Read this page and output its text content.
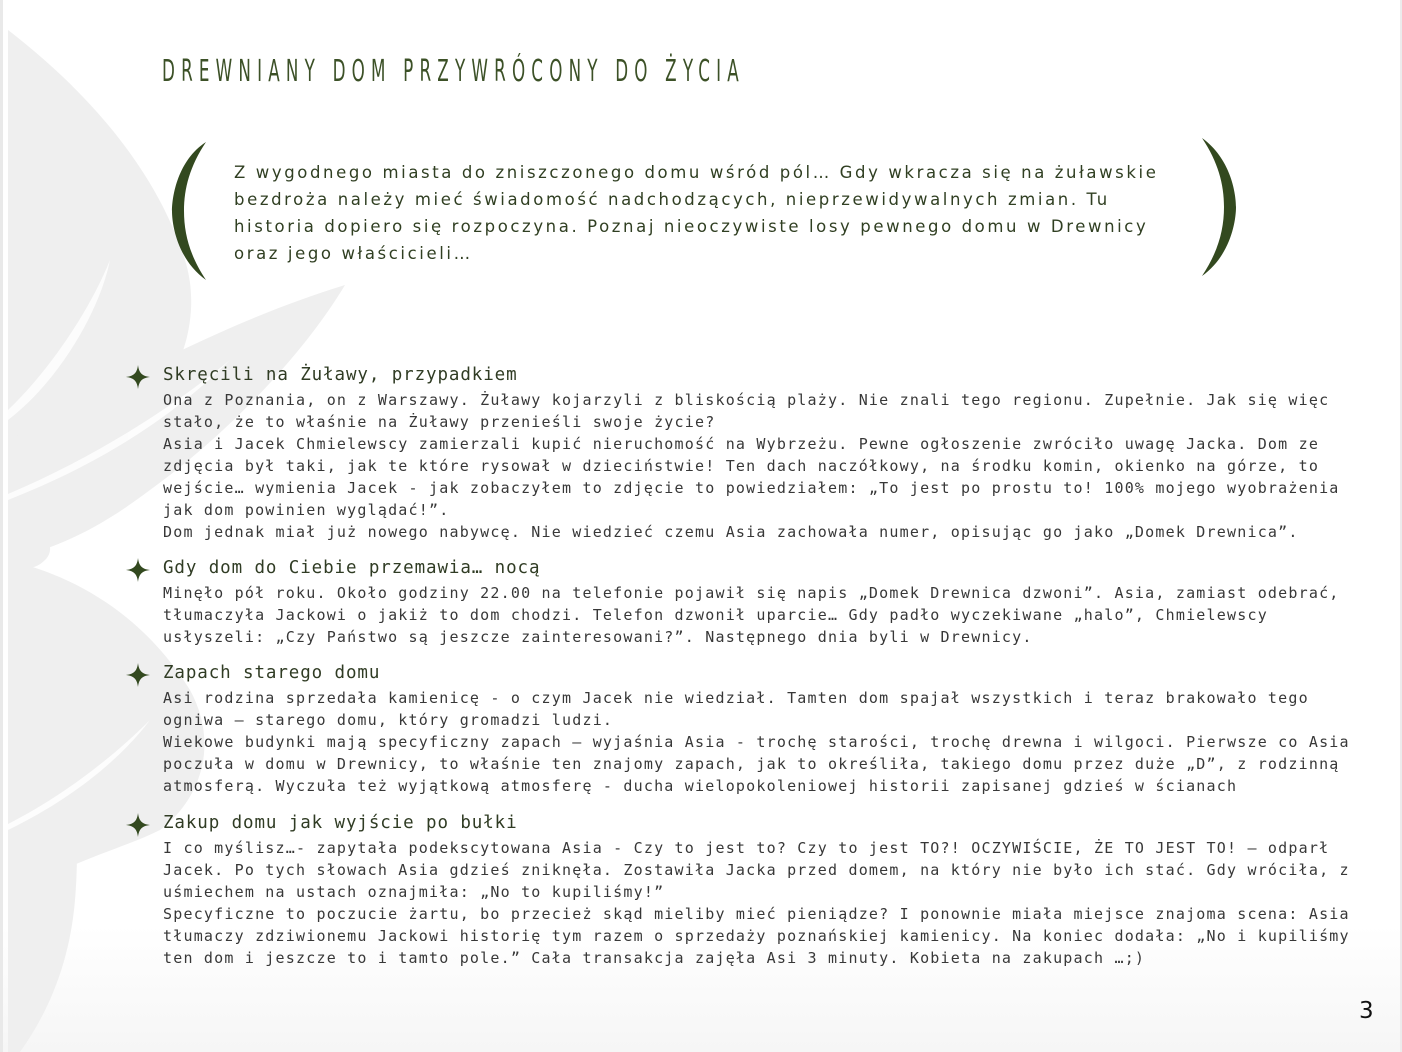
DREWNIANY DOM PRZYWRÓCONY DO ŻYCIA

Z wygodnego miasta do zniszczonego domu wśród pól… Gdy wkracza się na żuławskie bezdroża należy mieć świadomość nadchodzących, nieprzewidywalnych zmian. Tu historia dopiero się rozpoczyna. Poznaj nieoczywiste losy pewnego domu w Drewnicy oraz jego właścicieli…

Skręcili na Żuławy, przypadkiem

Ona z Poznania, on z Warszawy. Żuławy kojarzyli z bliskością plaży. Nie znali tego regionu. Zupełnie. Jak się więc stało, że to właśnie na Żuławy przenieśli swoje życie?

Asia i Jacek Chmielewscy zamierzali kupić nieruchomość na Wybrzeżu. Pewne ogłoszenie zwróciło uwagę Jacka. Dom ze zdjęcia był taki, jak te które rysował w dzieciństwie! Ten dach naczółkowy, na środku komin, okienko na górze, to wejście… wymienia Jacek - jak zobaczyłem to zdjęcie to powiedziałem: „To jest po prostu to! 100% mojego wyobrażenia jak dom powinien wyglądać!”.

Dom jednak miał już nowego nabywcę. Nie wiedzieć czemu Asia zachowała numer, opisując go jako „Domek Drewnica”.

Gdy dom do Ciebie przemawia… nocą

Minęło pół roku. Około godziny 22.00 na telefonie pojawił się napis „Domek Drewnica dzwoni”. Asia, zamiast odebrać, tłumaczyła Jackowi o jakiż to dom chodzi. Telefon dzwonił uparcie… Gdy padło wyczekiwane „halo”, Chmielewscy usłyszeli: „Czy Państwo są jeszcze zainteresowani?”. Następnego dnia byli w Drewnicy.

Zapach starego domu

Asi rodzina sprzedała kamienicę - o czym Jacek nie wiedział. Tamten dom spajał wszystkich i teraz brakowało tego ogniwa – starego domu, który gromadzi ludzi.

Wiekowe budynki mają specyficzny zapach – wyjaśnia Asia - trochę starości, trochę drewna i wilgoci. Pierwsze co Asia poczuła w domu w Drewnicy, to właśnie ten znajomy zapach, jak to określiła, takiego domu przez duże „D”, z rodzinną atmosferą. Wyczuła też wyjątkową atmosferę - ducha wielopokoleniowej historii zapisanej gdzieś w ścianach

Zakup domu jak wyjście po bułki

I co myślisz…- zapytała podekscytowana Asia - Czy to jest to? Czy to jest TO?! OCZYWIŚCIE, ŻE TO JEST TO! – odparł Jacek. Po tych słowach Asia gdzieś zniknęła. Zostawiła Jacka przed domem, na który nie było ich stać. Gdy wróciła, z uśmiechem na ustach oznajmiła: „No to kupiliśmy!”

Specyficzne to poczucie żartu, bo przecież skąd mieliby mieć pieniądze? I ponownie miała miejsce znajoma scena: Asia tłumaczy zdziwionemu Jackowi historię tym razem o sprzedaży poznańskiej kamienicy. Na koniec dodała: „No i kupiliśmy ten dom i jeszcze to i tamto pole.” Cała transakcja zajęła Asi 3 minuty. Kobieta na zakupach …;)

3
